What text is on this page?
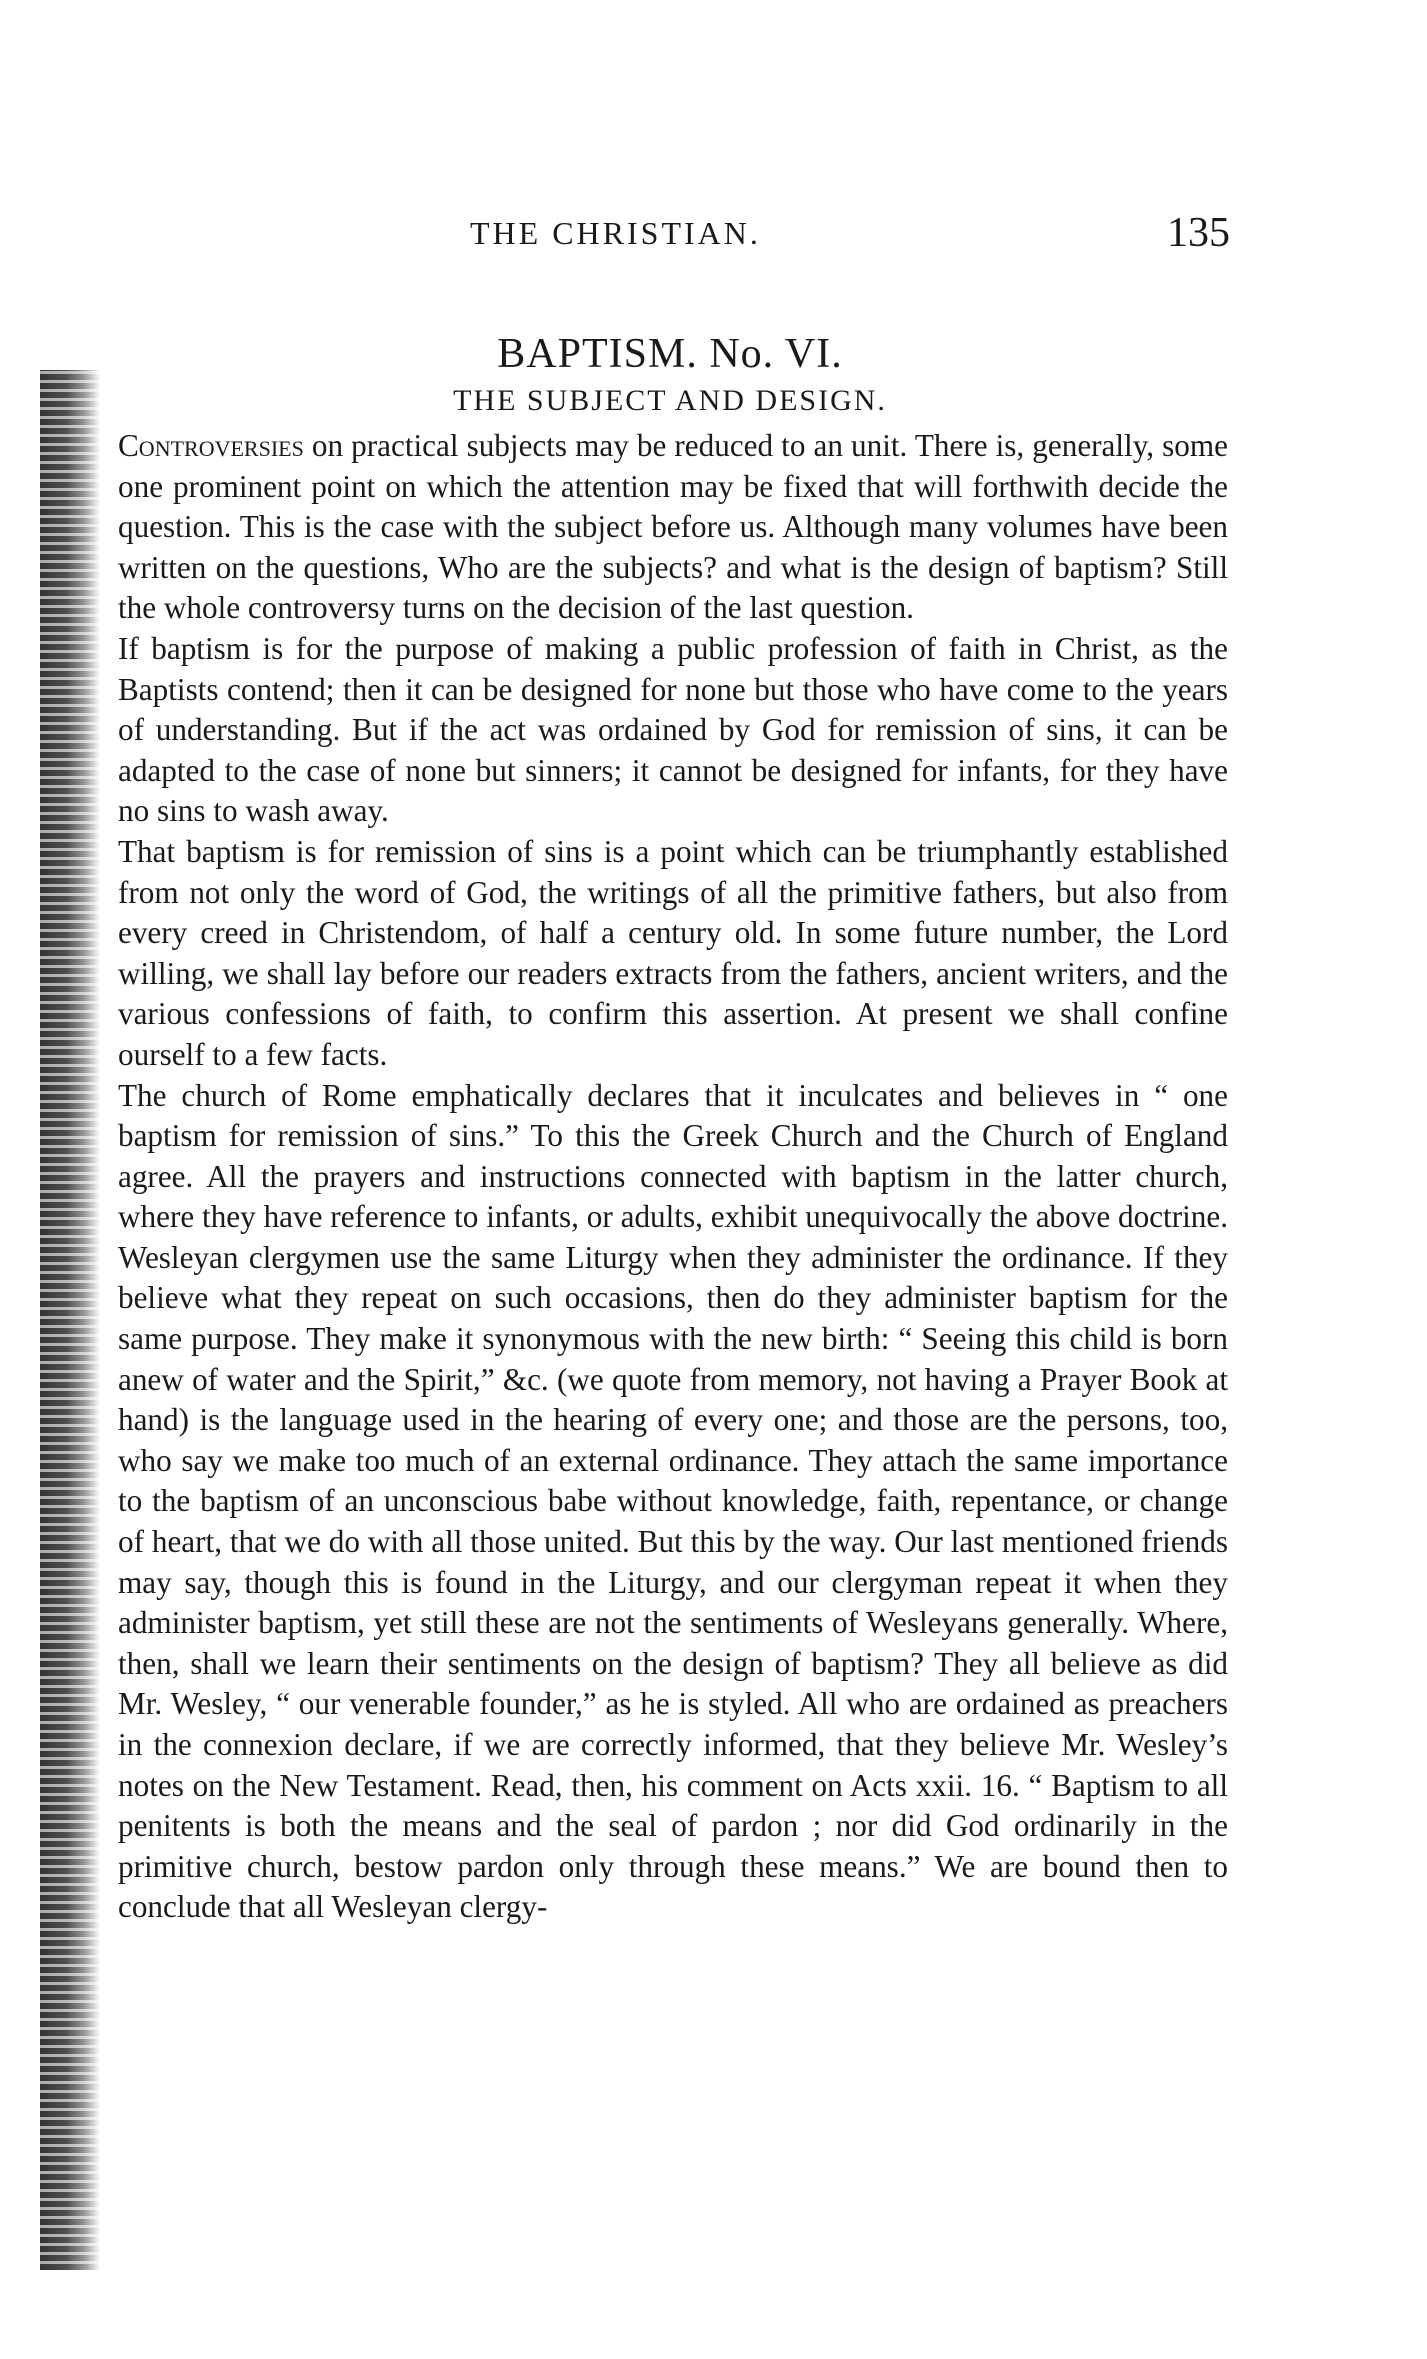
THE CHRISTIAN.	135
BAPTISM. No. VI.
THE SUBJECT AND DESIGN.

Controversies on practical subjects may be reduced to an unit. There is, generally, some one prominent point on which the attention may be fixed that will forthwith decide the question. This is the case with the subject before us. Although many volumes have been written on the questions, Who are the subjects? and what is the design of baptism? Still the whole controversy turns on the decision of the last question.

If baptism is for the purpose of making a public profession of faith in Christ, as the Baptists contend; then it can be designed for none but those who have come to the years of understanding. But if the act was ordained by God for remission of sins, it can be adapted to the case of none but sinners; it cannot be designed for infants, for they have no sins to wash away.

That baptism is for remission of sins is a point which can be triumphantly established from not only the word of God, the writings of all the primitive fathers, but also from every creed in Christendom, of half a century old. In some future number, the Lord willing, we shall lay before our readers extracts from the fathers, ancient writers, and the various confessions of faith, to confirm this assertion. At present we shall confine ourself to a few facts.

The church of Rome emphatically declares that it inculcates and believes in “ one baptism for remission of sins.” To this the Greek Church and the Church of England agree. All the prayers and instructions connected with baptism in the latter church, where they have reference to infants, or adults, exhibit unequivocally the above doctrine. Wesleyan clergymen use the same Liturgy when they administer the ordinance. If they believe what they repeat on such occasions, then do they administer baptism for the same purpose. They make it synonymous with the new birth: “ Seeing this child is born anew of water and the Spirit,” &c. (we quote from memory, not having a Prayer Book at hand) is the language used in the hearing of every one; and those are the persons, too, who say we make too much of an external ordinance. They attach the same importance to the baptism of an unconscious babe without knowledge, faith, repentance, or change of heart, that we do with all those united. But this by the way. Our last mentioned friends may say, though this is found in the Liturgy, and our clergyman repeat it when they administer baptism, yet still these are not the sentiments of Wesleyans generally. Where, then, shall we learn their sentiments on the design of baptism? They all believe as did Mr. Wesley, “ our venerable founder,” as he is styled. All who are ordained as preachers in the connexion declare, if we are correctly informed, that they believe Mr. Wesley’s notes on the New Testament. Read, then, his comment on Acts xxii. 16. “ Baptism to all penitents is both the means and the seal of pardon ; nor did God ordinarily in the primitive church, bestow pardon only through these means.” We are bound then to conclude that all Wesleyan clergy-
